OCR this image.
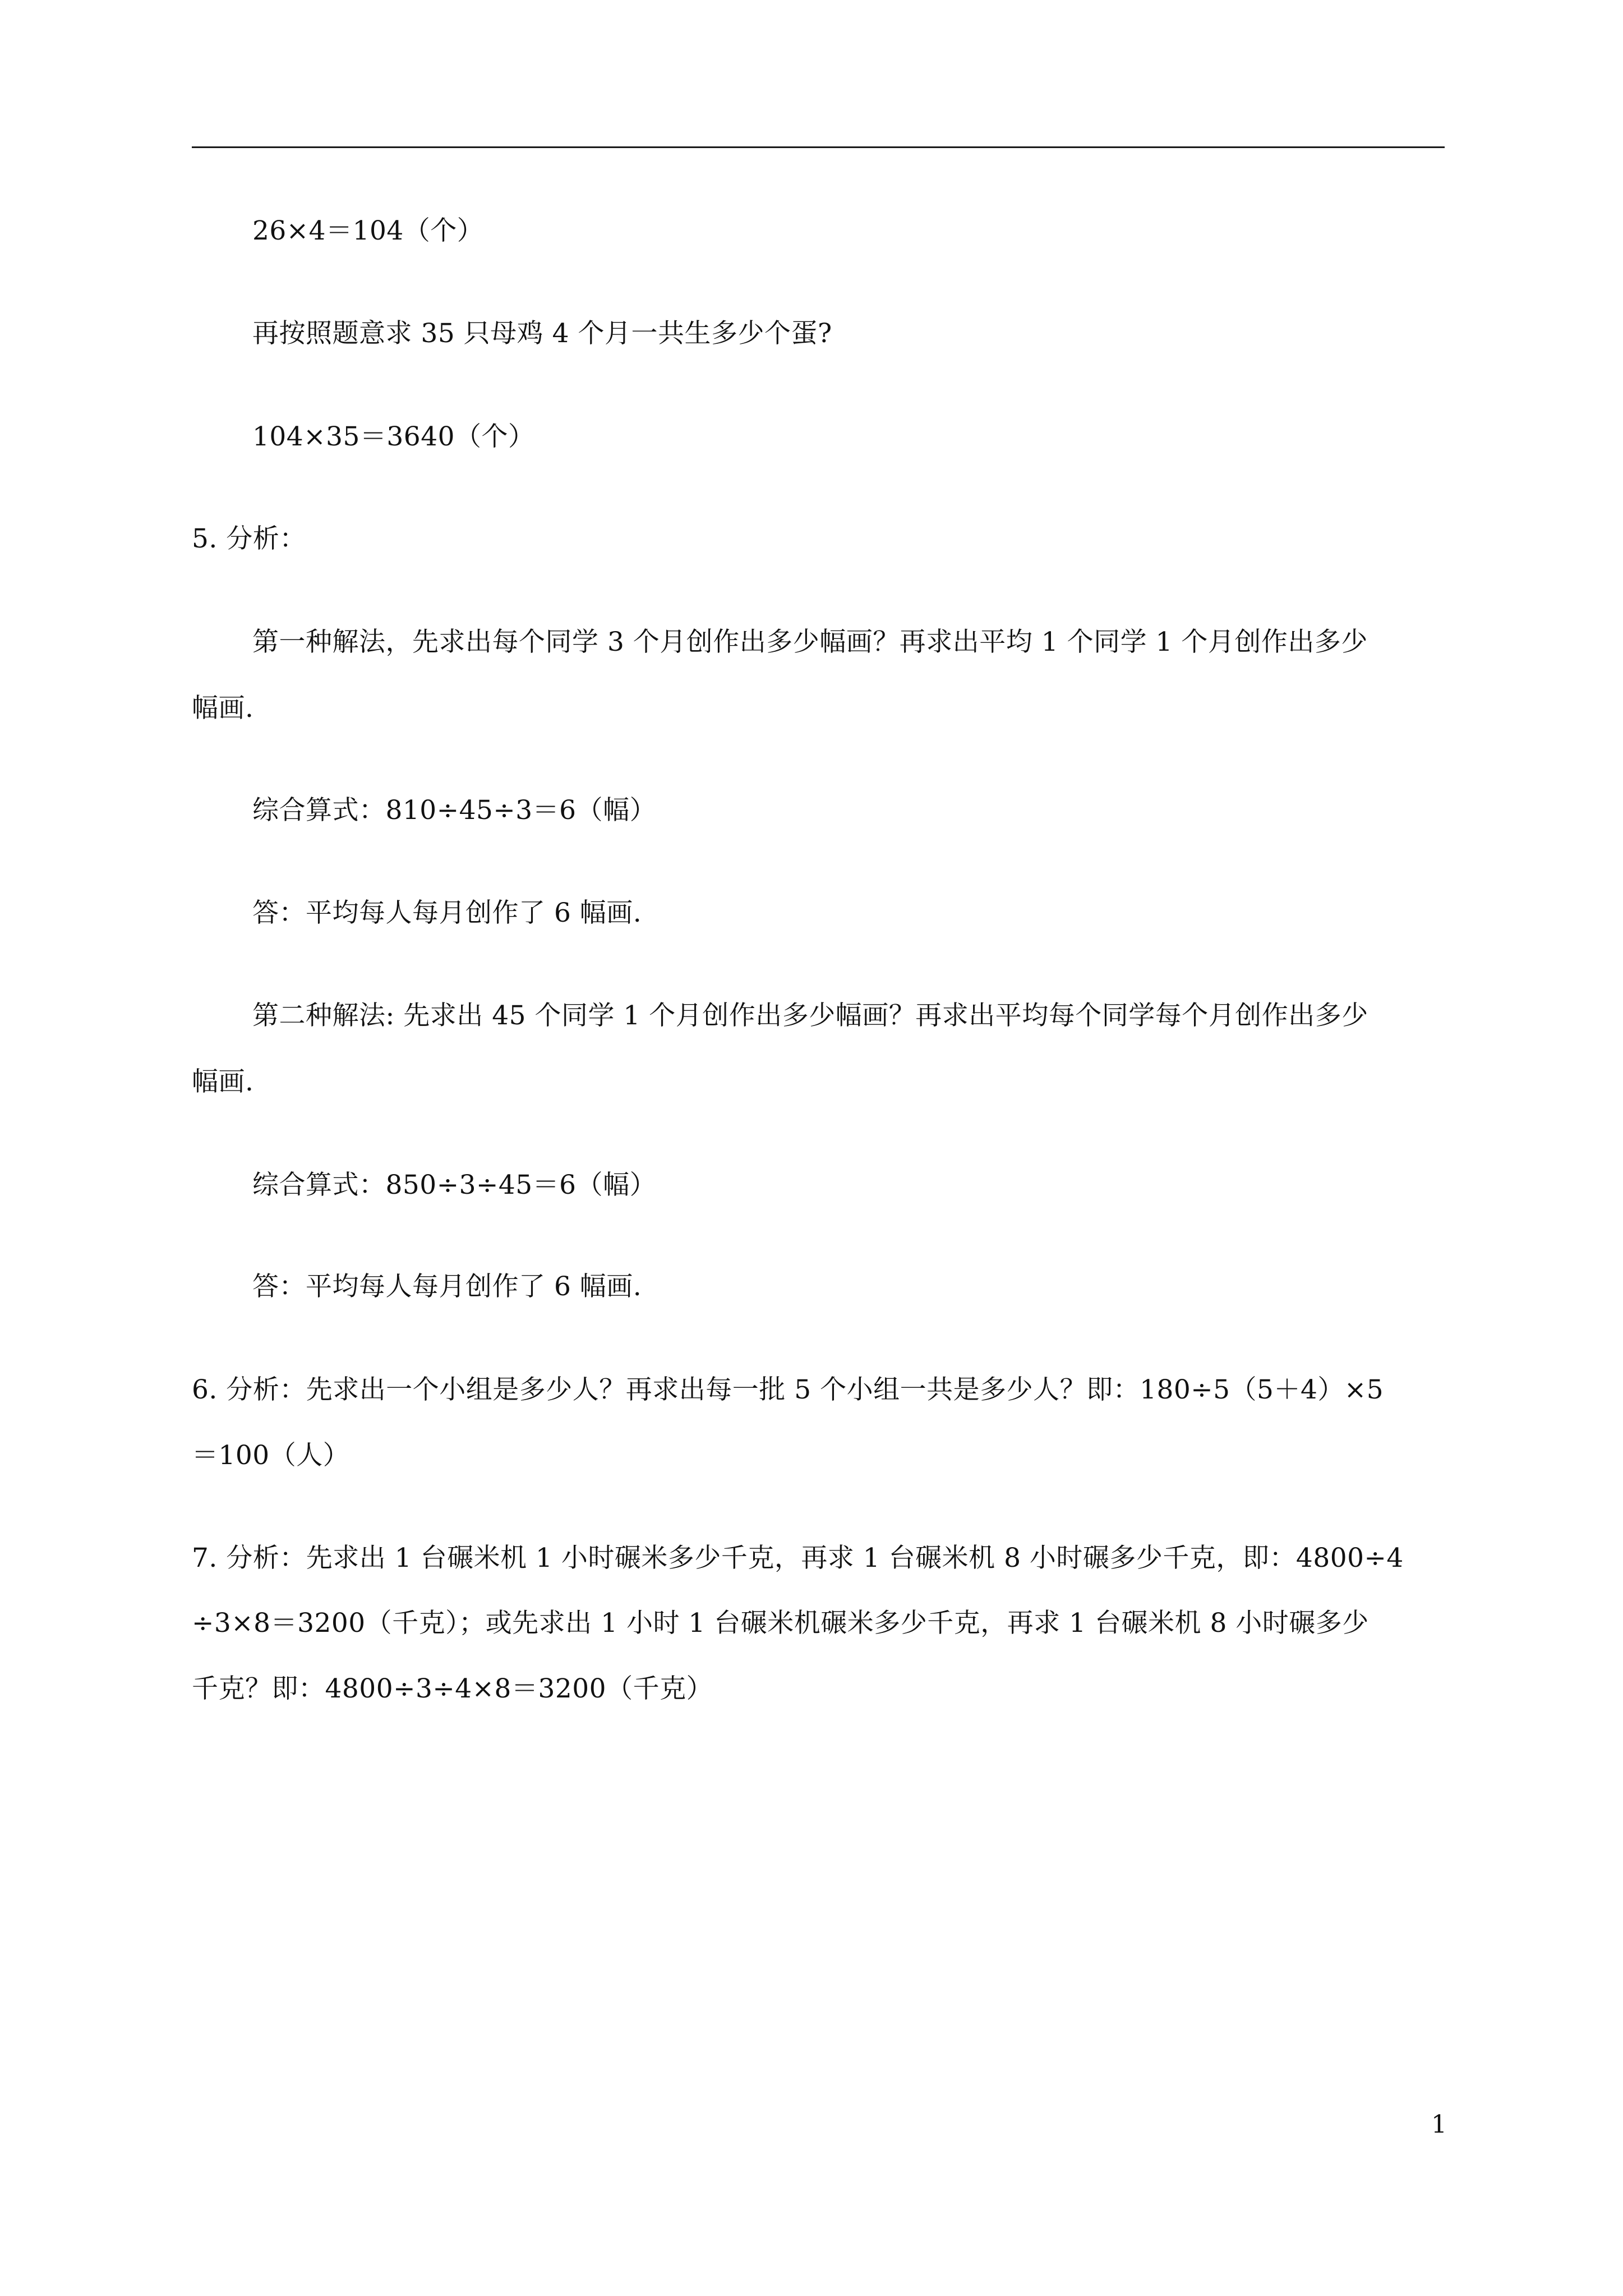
26×4＝104（个）
再按照题意求 35 只母鸡 4 个月一共生多少个蛋?
104×35＝3640（个）
5. 分析：
第一种解法，先求出每个同学 3 个月创作出多少幅画？再求出平均 1 个同学 1 个月创作出多少
幅画.
综合算式：810÷45÷3＝6（幅）
答：平均每人每月创作了 6 幅画.
第二种解法: 先求出 45 个同学 1 个月创作出多少幅画？再求出平均每个同学每个月创作出多少
幅画.
综合算式：850÷3÷45＝6（幅）
答：平均每人每月创作了 6 幅画.
6. 分析：先求出一个小组是多少人？再求出每一批 5 个小组一共是多少人？即：180÷5（5＋4）×5
＝100（人）
7. 分析：先求出 1 台碾米机 1 小时碾米多少千克，再求 1 台碾米机 8 小时碾多少千克，即：4800÷4
÷3×8＝3200（千克）；或先求出 1 小时 1 台碾米机碾米多少千克，再求 1 台碾米机 8 小时碾多少
千克？即：4800÷3÷4×8＝3200（千克）
1
